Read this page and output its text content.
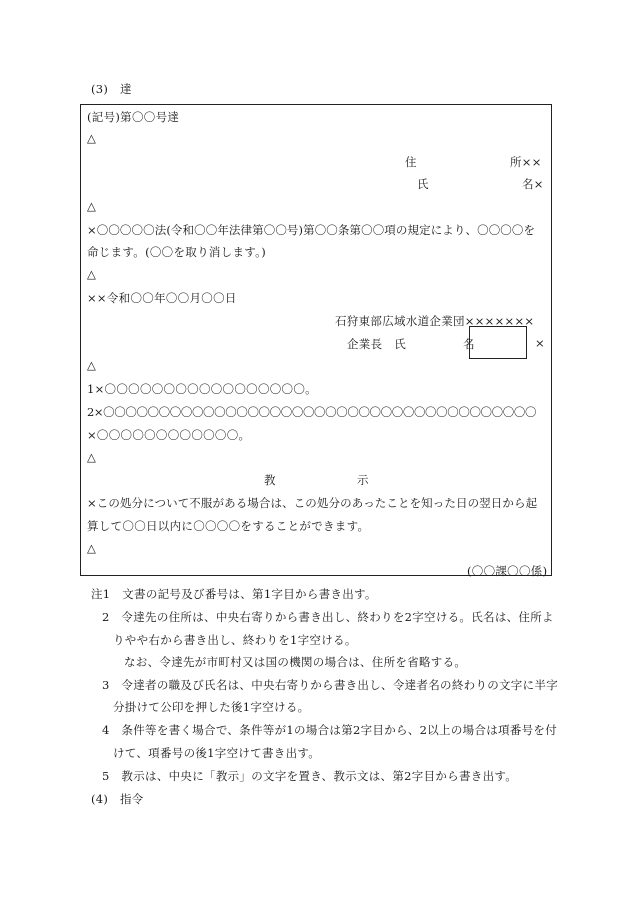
(3)　達
(記号)第〇〇号達
△
住	所××
氏	名×
△
×〇〇〇〇〇法(令和〇〇年法律第〇〇号)第〇〇条第〇〇項の規定により、〇〇〇〇を
命じます。(〇〇を取り消します。)
△
××令和〇〇年〇〇月〇〇日
石狩東部広域水道企業団×××××××
企業長　氏	名	×
△
1×〇〇〇〇〇〇〇〇〇〇〇〇〇〇〇〇〇。
2×〇〇〇〇〇〇〇〇〇〇〇〇〇〇〇〇〇〇〇〇〇〇〇〇〇〇〇〇〇〇〇〇〇〇〇〇〇〇〇
×〇〇〇〇〇〇〇〇〇〇〇〇。
△
教	示
×この処分について不服がある場合は、この処分のあったことを知った日の翌日から起
算して〇〇日以内に〇〇〇〇をすることができます。
△
(〇〇課〇〇係)
注1　文書の記号及び番号は、第1字目から書き出す。
2　令達先の住所は、中央右寄りから書き出し、終わりを2字空ける。氏名は、住所よ
りやや右から書き出し、終わりを1字空ける。
なお、令達先が市町村又は国の機関の場合は、住所を省略する。
3　令達者の職及び氏名は、中央右寄りから書き出し、令達者名の終わりの文字に半字
分掛けて公印を押した後1字空ける。
4　条件等を書く場合で、条件等が1の場合は第2字目から、2以上の場合は項番号を付
けて、項番号の後1字空けて書き出す。
5　教示は、中央に「教示」の文字を置き、教示文は、第2字目から書き出す。
(4)　指令
